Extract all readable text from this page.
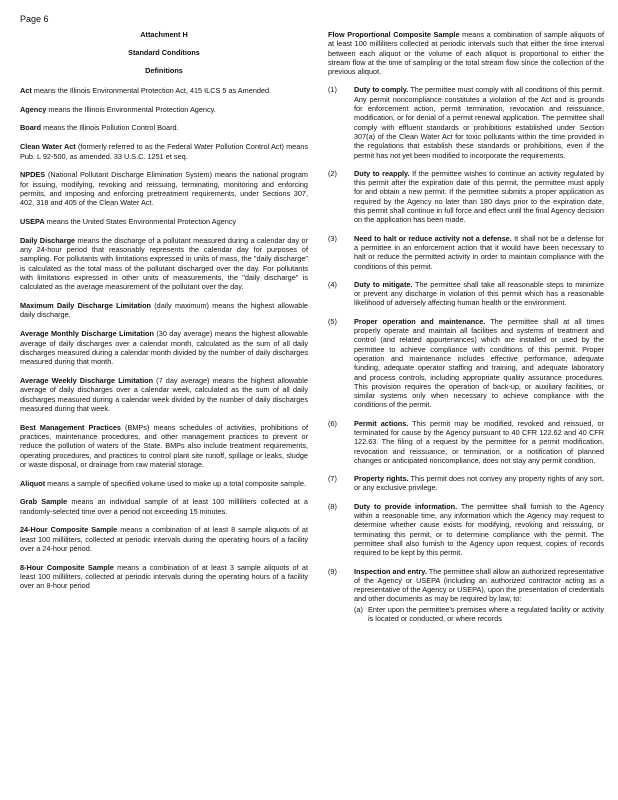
Page 6
Attachment H
Standard Conditions
Definitions

Act means the Illinois Environmental Protection Act, 415 ILCS 5 as Amended.

Agency means the Illinois Environmental Protection Agency.

Board means the Illinois Pollution Control Board.

Clean Water Act (formerly referred to as the Federal Water Pollution Control Act) means Pub. L 92-500, as amended. 33 U.S.C. 1251 et seq.

NPDES (National Pollutant Discharge Elimination System) means the national program for issuing, modifying, revoking and reissuing, terminating, monitoring and enforcing permits, and imposing and enforcing pretreatment requirements, under Sections 307, 402, 318 and 405 of the Clean Water Act.

USEPA means the United States Environmental Protection Agency

Daily Discharge means the discharge of a pollutant measured during a calendar day or any 24-hour period that reasonably represents the calendar day for purposes of sampling. For pollutants with limitations expressed in units of mass, the "daily discharge" is calculated as the total mass of the pollutant discharged over the day. For pollutants with limitations expressed in other units of measurements, the "daily discharge" is calculated as the average measurement of the pollutant over the day.

Maximum Daily Discharge Limitation (daily maximum) means the highest allowable daily discharge.

Average Monthly Discharge Limitation (30 day average) means the highest allowable average of daily discharges over a calendar month, calculated as the sum of all daily discharges measured during a calendar month divided by the number of daily discharges measured during that month.

Average Weekly Discharge Limitation (7 day average) means the highest allowable average of daily discharges over a calendar week, calculated as the sum of all daily discharges measured during a calendar week divided by the number of daily discharges measured during that week.

Best Management Practices (BMPs) means schedules of activities, prohibitions of practices, maintenance procedures, and other management practices to prevent or reduce the pollution of waters of the State. BMPs also include treatment requirements, operating procedures, and practices to control plant site runoff, spillage or leaks, sludge or waste disposal, or drainage from raw material storage.

Aliquot means a sample of specified volume used to make up a total composite sample.

Grab Sample means an individual sample of at least 100 milliliters collected at a randomly-selected time over a period not exceeding 15 minutes.

24-Hour Composite Sample means a combination of at least 8 sample aliquots of at least 100 milliliters, collected at periodic intervals during the operating hours of a facility over a 24-hour period.

8-Hour Composite Sample means a combination of at least 3 sample aliquots of at least 100 milliliters, collected at periodic intervals during the operating hours of a facility over an 8-hour period

Flow Proportional Composite Sample means a combination of sample aliquots of at least 100 milliliters collected at periodic intervals such that either the time interval between each aliquot or the volume of each aliquot is proportional to either the stream flow at the time of sampling or the total stream flow since the collection of the previous aliquot.

(1) Duty to comply. The permittee must comply with all conditions of this permit. Any permit noncompliance constitutes a violation of the Act and is grounds for enforcement action, permit termination, revocation and reissuance, modification, or for denial of a permit renewal application. The permittee shall comply with effluent standards or prohibitions established under Section 307(a) of the Clean Water Act for toxic pollutants within the time provided in the regulations that establish these standards or prohibitions, even if the permit has not yet been modified to incorporate the requirements.
(2) Duty to reapply. If the permittee wishes to continue an activity regulated by this permit after the expiration date of this permit, the permittee must apply for and obtain a new permit. If the permittee submits a proper application as required by the Agency no later than 180 days prior to the expiration date, this permit shall continue in full force and effect until the final Agency decision on the application has been made.
(3) Need to halt or reduce activity not a defense. It shall not be a defense for a permittee in an enforcement action that it would have been necessary to halt or reduce the permitted activity in order to maintain compliance with the conditions of this permit.
(4) Duty to mitigate. The permittee shall take all reasonable steps to minimize or prevent any discharge in violation of this permit which has a reasonable likelihood of adversely affecting human health or the environment.
(5) Proper operation and maintenance. The permittee shall at all times properly operate and maintain all facilities and systems of treatment and control (and related appurtenances) which are installed or used by the permittee to achieve compliance with conditions of this permit. Proper operation and maintenance includes effective performance, adequate funding, adequate operator staffing and training, and adequate laboratory and process controls, including appropriate quality assurance procedures. This provision requires the operation of back-up, or auxiliary facilities, or similar systems only when necessary to achieve compliance with the conditions of the permit.
(6) Permit actions. This permit may be modified, revoked and reissued, or terminated for cause by the Agency pursuant to 40 CFR 122.62 and 40 CFR 122.63. The filing of a request by the permittee for a permit modification, revocation and reissuance, or termination, or a notification of planned changes or anticipated noncompliance, does not stay any permit condition.
(7) Property rights. This permit does not convey any property rights of any sort, or any exclusive privilege.
(8) Duty to provide information. The permittee shall furnish to the Agency within a reasonable time, any information which the Agency may request to determine whether cause exists for modifying, revoking and reissuing, or terminating this permit, or to determine compliance with the permit. The permittee shall also furnish to the Agency upon request, copies of records required to be kept by this permit.
(9) Inspection and entry. The permittee shall allow an authorized representative of the Agency or USEPA (including an authorized contractor acting as a representative of the Agency or USEPA), upon the presentation of credentials and other documents as may be required by law, to:
(a) Enter upon the permittee's premises where a regulated facility or activity is located or conducted, or where records
